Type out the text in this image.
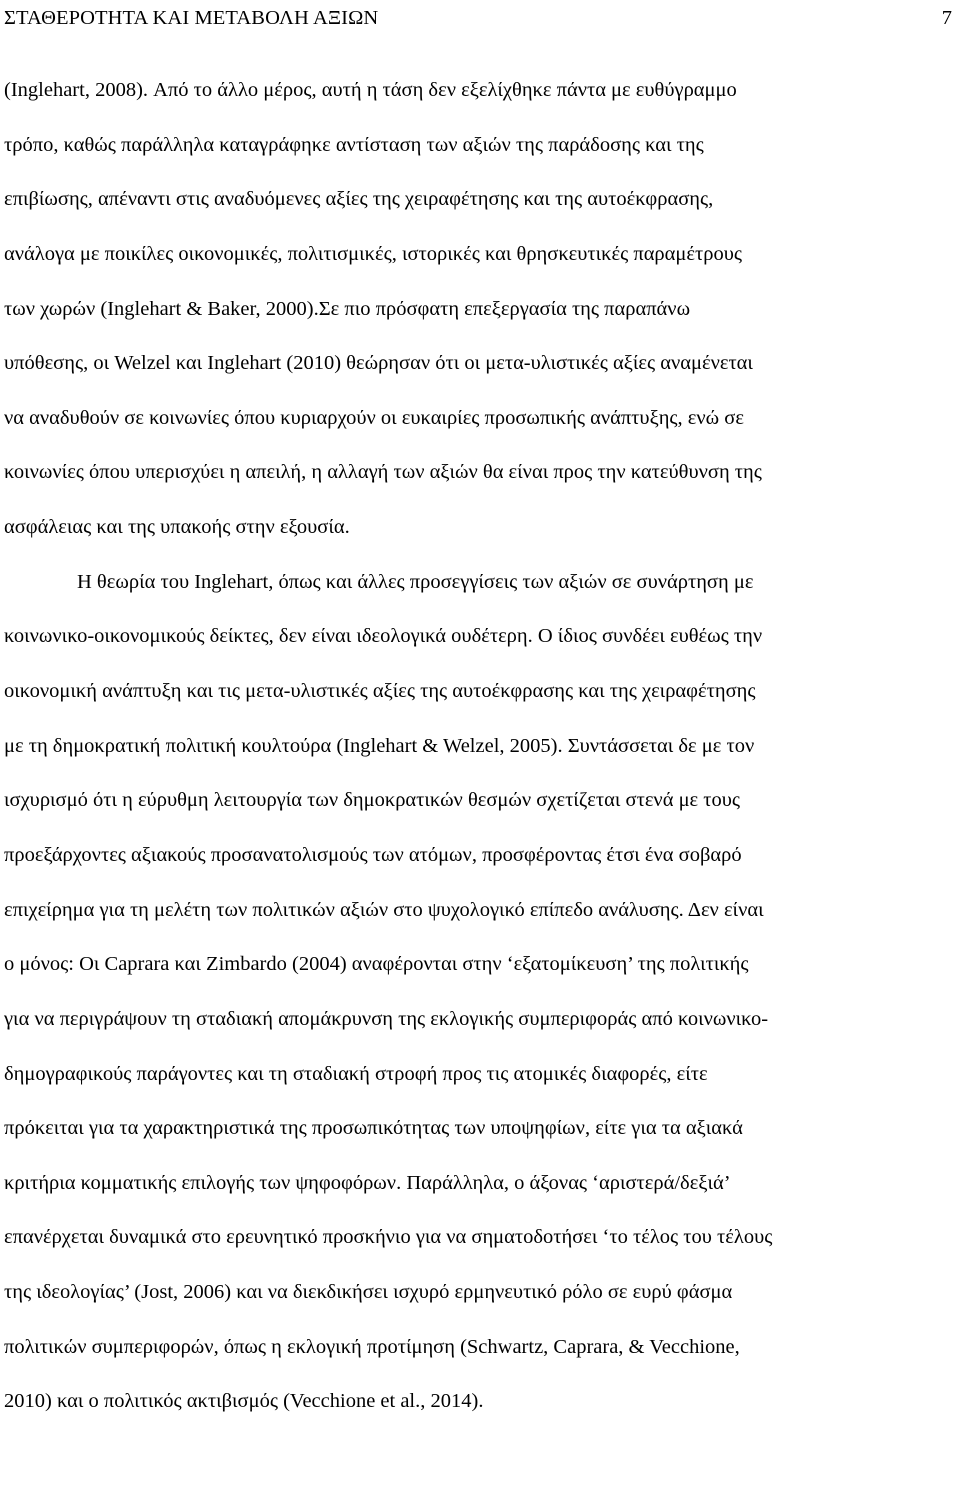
ΣΤΑΘΕΡΟΤΗΤΑ ΚΑΙ ΜΕΤΑΒΟΛΗ ΑΞΙΩΝ	7
(Inglehart, 2008). Από το άλλο μέρος, αυτή η τάση δεν εξελίχθηκε πάντα με ευθύγραμμο
τρόπο, καθώς παράλληλα καταγράφηκε αντίσταση των αξιών της παράδοσης και της
επιβίωσης, απέναντι στις αναδυόμενες αξίες της χειραφέτησης και της αυτοέκφρασης,
ανάλογα με ποικίλες οικονομικές, πολιτισμικές, ιστορικές και θρησκευτικές παραμέτρους
των χωρών (Inglehart & Baker, 2000).Σε πιο πρόσφατη επεξεργασία της παραπάνω
υπόθεσης, οι Welzel και Inglehart (2010) θεώρησαν ότι οι μετα-υλιστικές αξίες αναμένεται
να αναδυθούν σε κοινωνίες όπου κυριαρχούν οι ευκαιρίες προσωπικής ανάπτυξης, ενώ σε
κοινωνίες όπου υπερισχύει η απειλή, η αλλαγή των αξιών θα είναι προς την κατεύθυνση της
ασφάλειας και της υπακοής στην εξουσία.
Η θεωρία του Inglehart, όπως και άλλες προσεγγίσεις των αξιών σε συνάρτηση με
κοινωνικο-οικονομικούς δείκτες, δεν είναι ιδεολογικά ουδέτερη. Ο ίδιος συνδέει ευθέως την
οικονομική ανάπτυξη και τις μετα-υλιστικές αξίες της αυτοέκφρασης και της χειραφέτησης
με τη δημοκρατική πολιτική κουλτούρα (Inglehart & Welzel, 2005). Συντάσσεται δε με τον
ισχυρισμό ότι η εύρυθμη λειτουργία των δημοκρατικών θεσμών σχετίζεται στενά με τους
προεξάρχοντες αξιακούς προσανατολισμούς των ατόμων, προσφέροντας έτσι ένα σοβαρό
επιχείρημα για τη μελέτη των πολιτικών αξιών στο ψυχολογικό επίπεδο ανάλυσης. Δεν είναι
ο μόνος: Οι Caprara και Zimbardo (2004) αναφέρονται στην ‘εξατομίκευση’ της πολιτικής
για να περιγράψουν τη σταδιακή απομάκρυνση της εκλογικής συμπεριφοράς από κοινωνικο-
δημογραφικούς παράγοντες και τη σταδιακή στροφή προς τις ατομικές διαφορές, είτε
πρόκειται για τα χαρακτηριστικά της προσωπικότητας των υποψηφίων, είτε για τα αξιακά
κριτήρια κομματικής επιλογής των ψηφοφόρων. Παράλληλα, ο άξονας ‘αριστερά/δεξιά’
επανέρχεται δυναμικά στο ερευνητικό προσκήνιο για να σηματοδοτήσει ‘το τέλος του τέλους
της ιδεολογίας’ (Jost, 2006) και να διεκδικήσει ισχυρό ερμηνευτικό ρόλο σε ευρύ φάσμα
πολιτικών συμπεριφορών, όπως η εκλογική προτίμηση (Schwartz, Caprara, & Vecchione,
2010) και ο πολιτικός ακτιβισμός (Vecchione et al., 2014).
